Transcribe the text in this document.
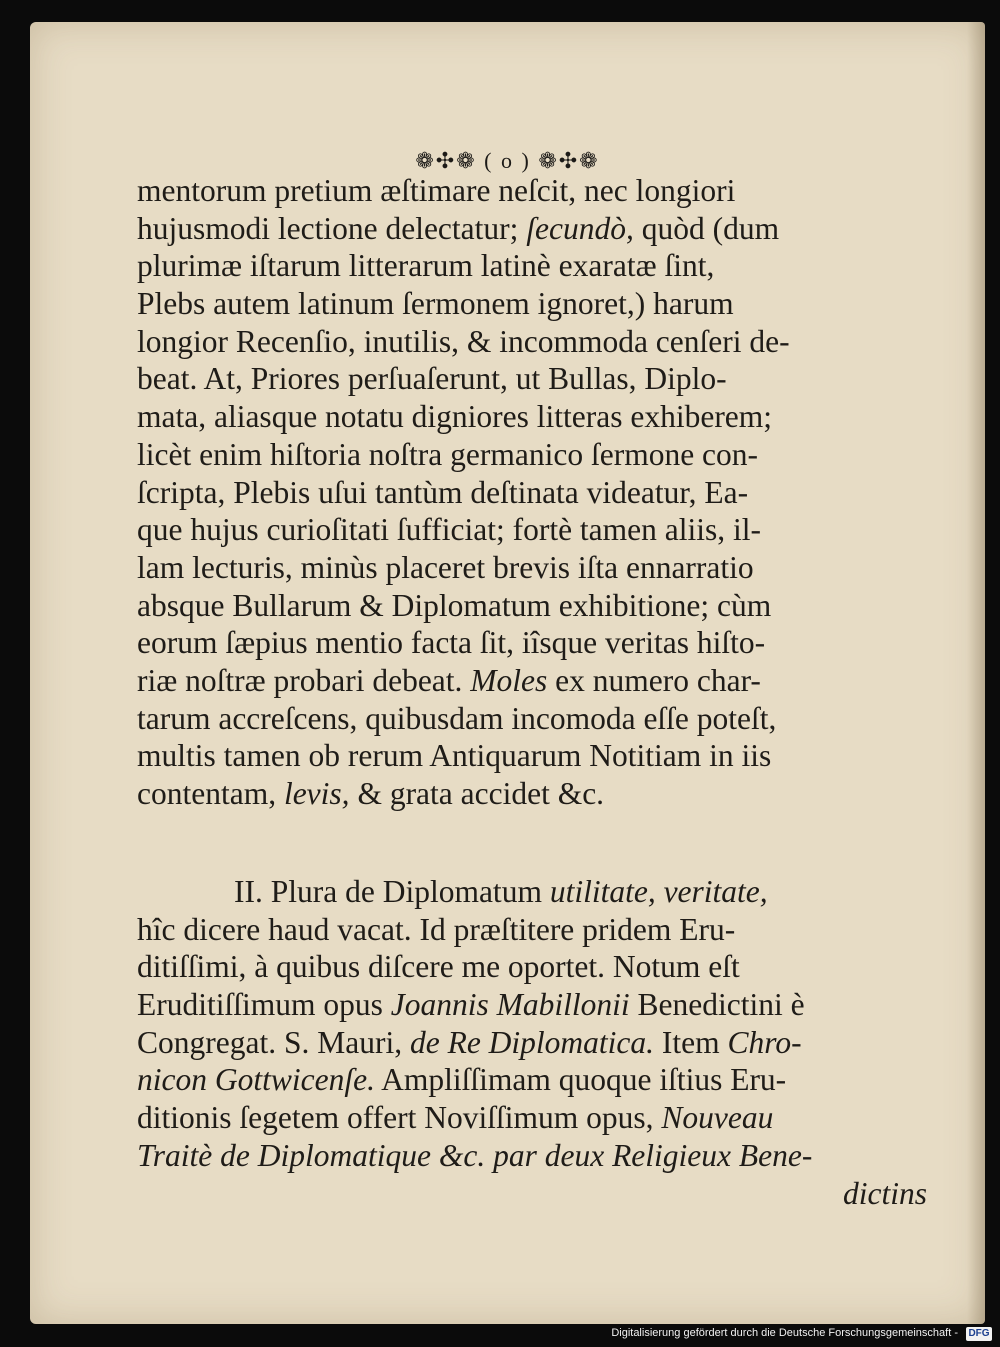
❁✣❁ ( o ) ❁✣❁
mentorum pretium æſtimare neſcit, nec longiori
hujusmodi lectione delectatur; ſecundò, quòd (dum
plurimæ iſtarum litterarum latinè exaratæ ſint,
Plebs autem latinum ſermonem ignoret,) harum
longior Recenſio, inutilis, & incommoda cenſeri de-
beat. At, Priores perſuaſerunt, ut Bullas, Diplo-
mata, aliasque notatu digniores litteras exhiberem;
licèt enim hiſtoria noſtra germanico ſermone con-
ſcripta, Plebis uſui tantùm deſtinata videatur, Ea-
que hujus curioſitati ſufficiat; fortè tamen aliis, il-
lam lecturis, minùs placeret brevis iſta ennarratio
absque Bullarum & Diplomatum exhibitione; cùm
eorum ſæpius mentio facta ſit, iîsque veritas hiſto-
riæ noſtræ probari debeat. Moles ex numero char-
tarum accreſcens, quibusdam incomoda eſſe poteſt,
multis tamen ob rerum Antiquarum Notitiam in iis
contentam, levis, & grata accidet &c.
II. Plura de Diplomatum utilitate, veritate,
hîc dicere haud vacat. Id præſtitere pridem Eru-
ditiſſimi, à quibus diſcere me oportet. Notum eſt
Eruditiſſimum opus Joannis Mabillonii Benedictini è
Congregat. S. Mauri, de Re Diplomatica. Item Chro-
nicon Gottwicenſe. Ampliſſimam quoque iſtius Eru-
ditionis ſegetem offert Noviſſimum opus, Nouveau
Traitè de Diplomatique &c. par deux Religieux Bene-
dictins
Digitalisierung gefördert durch die Deutsche Forschungsgemeinschaft - DFG
